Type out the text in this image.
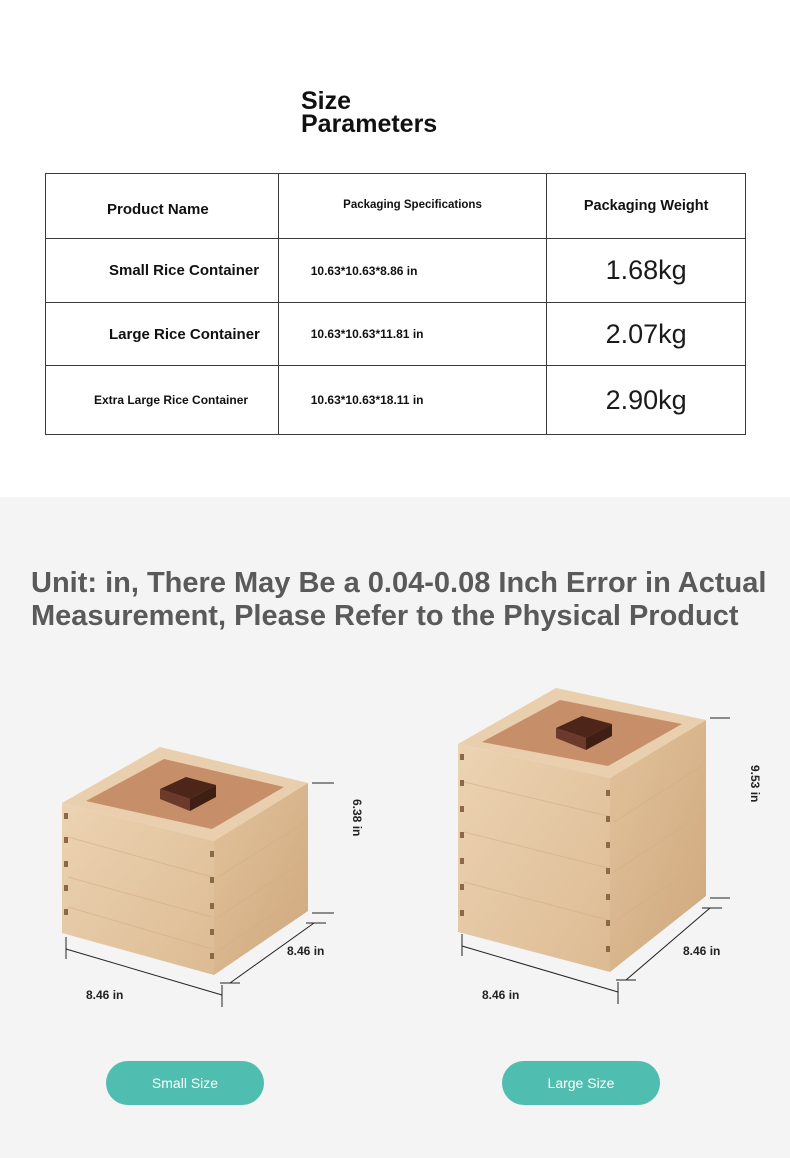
Size
Parameters
Product Name	Packaging Specifications	Packaging Weight
Small Rice Container	10.63*10.63*8.86 in	1.68kg
Large Rice Container	10.63*10.63*11.81 in	2.07kg
Extra Large Rice Container	10.63*10.63*18.11 in	2.90kg
Unit: in, There May Be a 0.04-0.08 Inch Error in Actual Measurement, Please Refer to the Physical Product
6.38 in
8.46 in
8.46 in
9.53 in
8.46 in
8.46 in
Small Size	Large Size
